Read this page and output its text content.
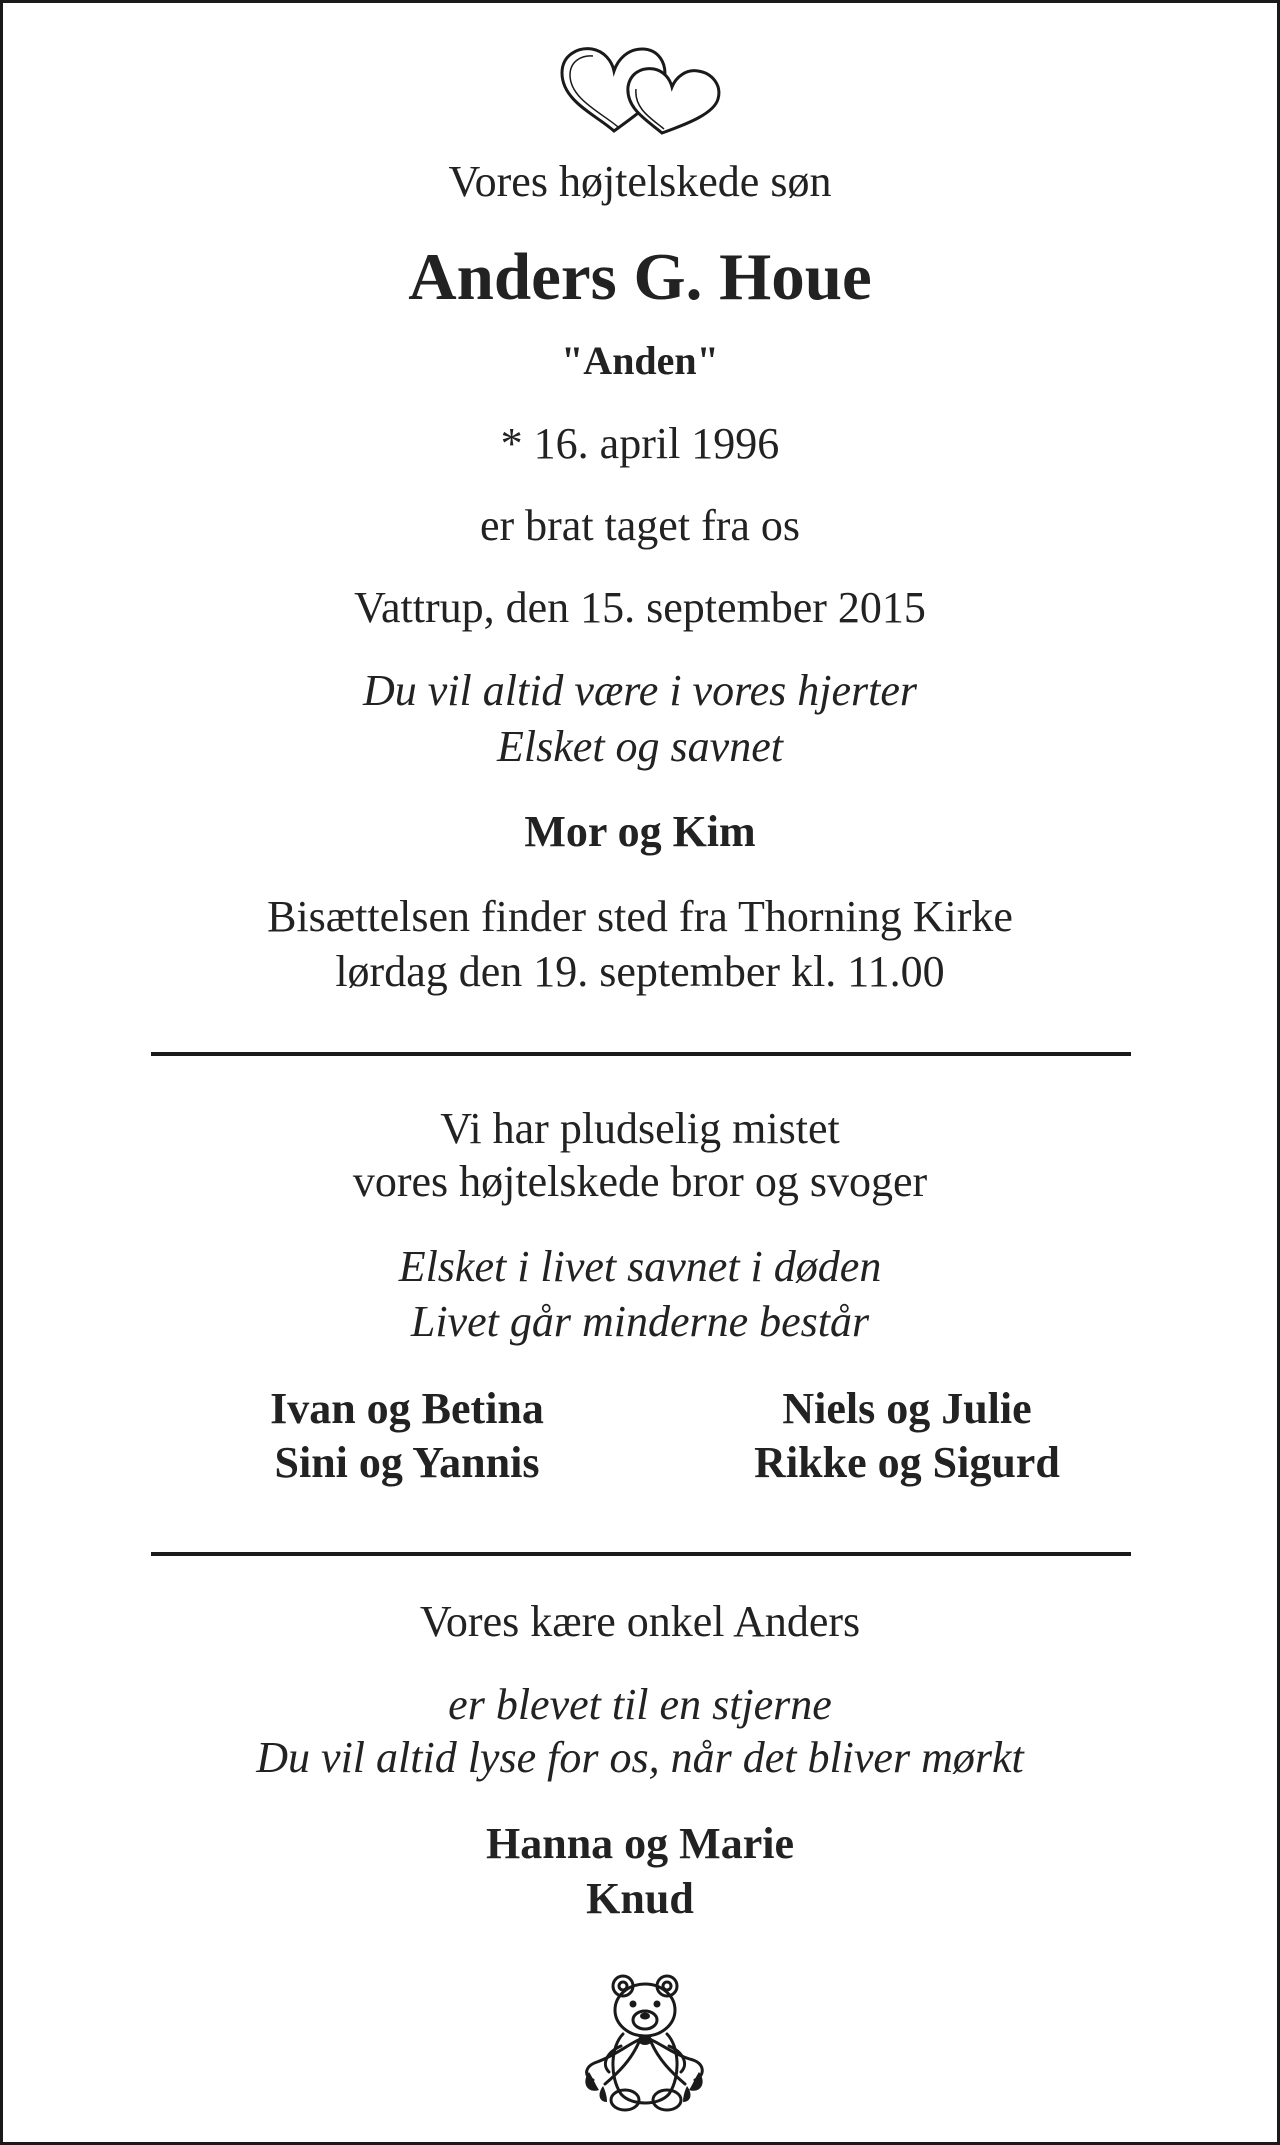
Vores højtelskede søn
Anders G. Houe
"Anden"
* 16. april 1996
er brat taget fra os
Vattrup, den 15. september 2015
Du vil altid være i vores hjerter
Elsket og savnet
Mor og Kim
Bisættelsen finder sted fra Thorning Kirke
lørdag den 19. september kl. 11.00
Vi har pludselig mistet
vores højtelskede bror og svoger
Elsket i livet savnet i døden
Livet går minderne består
Ivan og Betina
Sini og Yannis
Niels og Julie
Rikke og Sigurd
Vores kære onkel Anders
er blevet til en stjerne
Du vil altid lyse for os, når det bliver mørkt
Hanna og Marie
Knud
